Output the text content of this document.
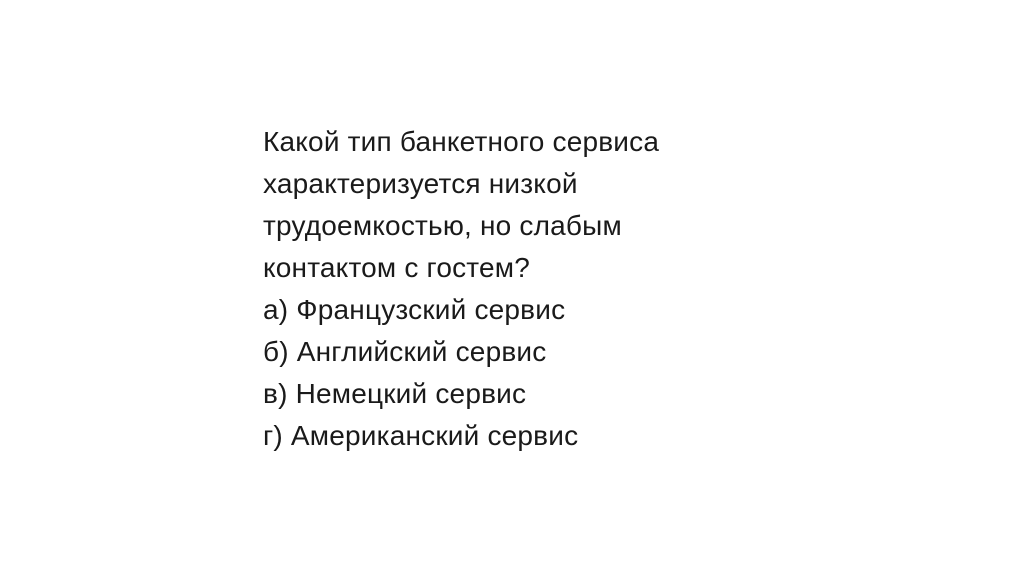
Какой тип банкетного сервиса
характеризуется низкой
трудоемкостью, но слабым
контактом с гостем?
а) Французский сервис
б) Английский сервис
в) Немецкий сервис
г) Американский сервис
